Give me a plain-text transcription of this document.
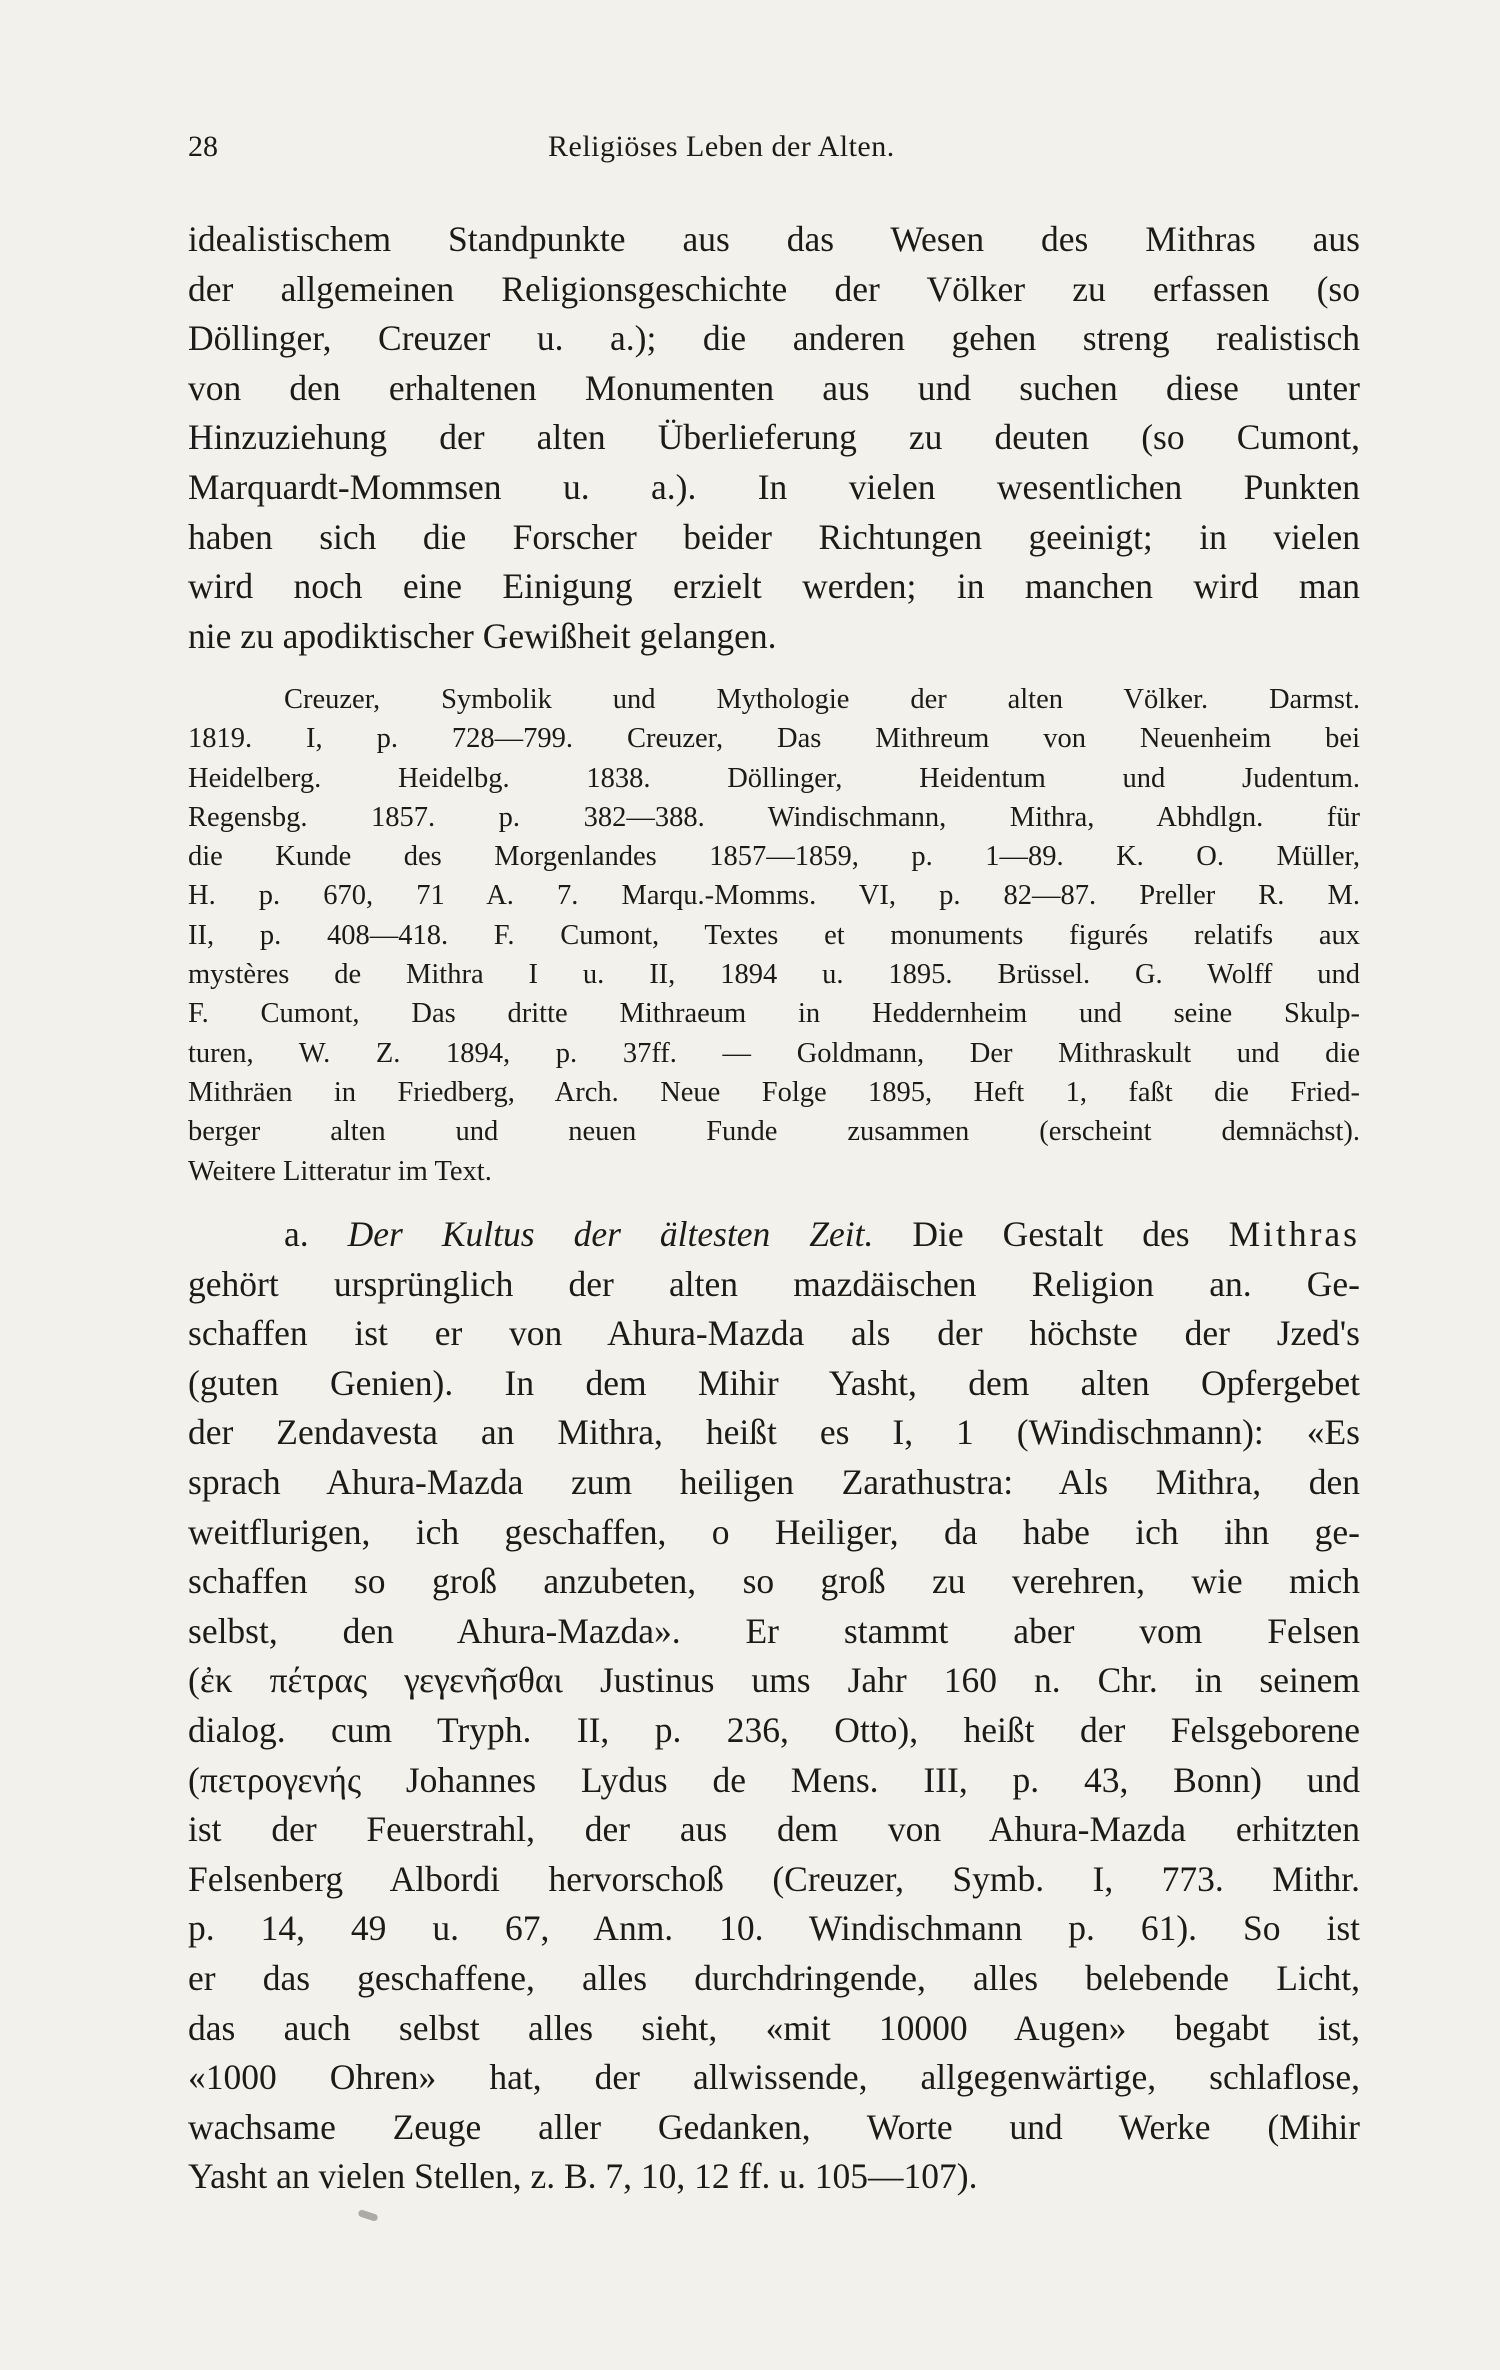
28	Religiöses Leben der Alten.
idealistischem Standpunkte aus das Wesen des Mithras aus
der allgemeinen Religionsgeschichte der Völker zu erfassen (so
Döllinger, Creuzer u. a.); die anderen gehen streng realistisch
von den erhaltenen Monumenten aus und suchen diese unter
Hinzuziehung der alten Überlieferung zu deuten (so Cumont,
Marquardt-Mommsen u. a.). In vielen wesentlichen Punkten
haben sich die Forscher beider Richtungen geeinigt; in vielen
wird noch eine Einigung erzielt werden; in manchen wird man
nie zu apodiktischer Gewißheit gelangen.
Creuzer, Symbolik und Mythologie der alten Völker. Darmst.
1819. I, p. 728—799. Creuzer, Das Mithreum von Neuenheim bei
Heidelberg. Heidelbg. 1838. Döllinger, Heidentum und Judentum.
Regensbg. 1857. p. 382—388. Windischmann, Mithra, Abhdlgn. für
die Kunde des Morgenlandes 1857—1859, p. 1—89. K. O. Müller,
H. p. 670, 71 A. 7. Marqu.-Momms. VI, p. 82—87. Preller R. M.
II, p. 408—418. F. Cumont, Textes et monuments figurés relatifs aux
mystères de Mithra I u. II, 1894 u. 1895. Brüssel. G. Wolff und
F. Cumont, Das dritte Mithraeum in Heddernheim und seine Skulp-
turen, W. Z. 1894, p. 37ff. — Goldmann, Der Mithraskult und die
Mithräen in Friedberg, Arch. Neue Folge 1895, Heft 1, faßt die Fried-
berger alten und neuen Funde zusammen (erscheint demnächst).
Weitere Litteratur im Text.
a. Der Kultus der ältesten Zeit. Die Gestalt des Mithras
gehört ursprünglich der alten mazdäischen Religion an. Ge-
schaffen ist er von Ahura-Mazda als der höchste der Jzed's
(guten Genien). In dem Mihir Yasht, dem alten Opfergebet
der Zendavesta an Mithra, heißt es I, 1 (Windischmann): «Es
sprach Ahura-Mazda zum heiligen Zarathustra: Als Mithra, den
weitflurigen, ich geschaffen, o Heiliger, da habe ich ihn ge-
schaffen so groß anzubeten, so groß zu verehren, wie mich
selbst, den Ahura-Mazda». Er stammt aber vom Felsen
(ἐκ πέτρας γεγενῆσθαι Justinus ums Jahr 160 n. Chr. in seinem
dialog. cum Tryph. II, p. 236, Otto), heißt der Felsgeborene
(πετρογενής Johannes Lydus de Mens. III, p. 43, Bonn) und
ist der Feuerstrahl, der aus dem von Ahura-Mazda erhitzten
Felsenberg Albordi hervorschoß (Creuzer, Symb. I, 773. Mithr.
p. 14, 49 u. 67, Anm. 10. Windischmann p. 61). So ist
er das geschaffene, alles durchdringende, alles belebende Licht,
das auch selbst alles sieht, «mit 10000 Augen» begabt ist,
«1000 Ohren» hat, der allwissende, allgegenwärtige, schlaflose,
wachsame Zeuge aller Gedanken, Worte und Werke (Mihir
Yasht an vielen Stellen, z. B. 7, 10, 12 ff. u. 105—107).
